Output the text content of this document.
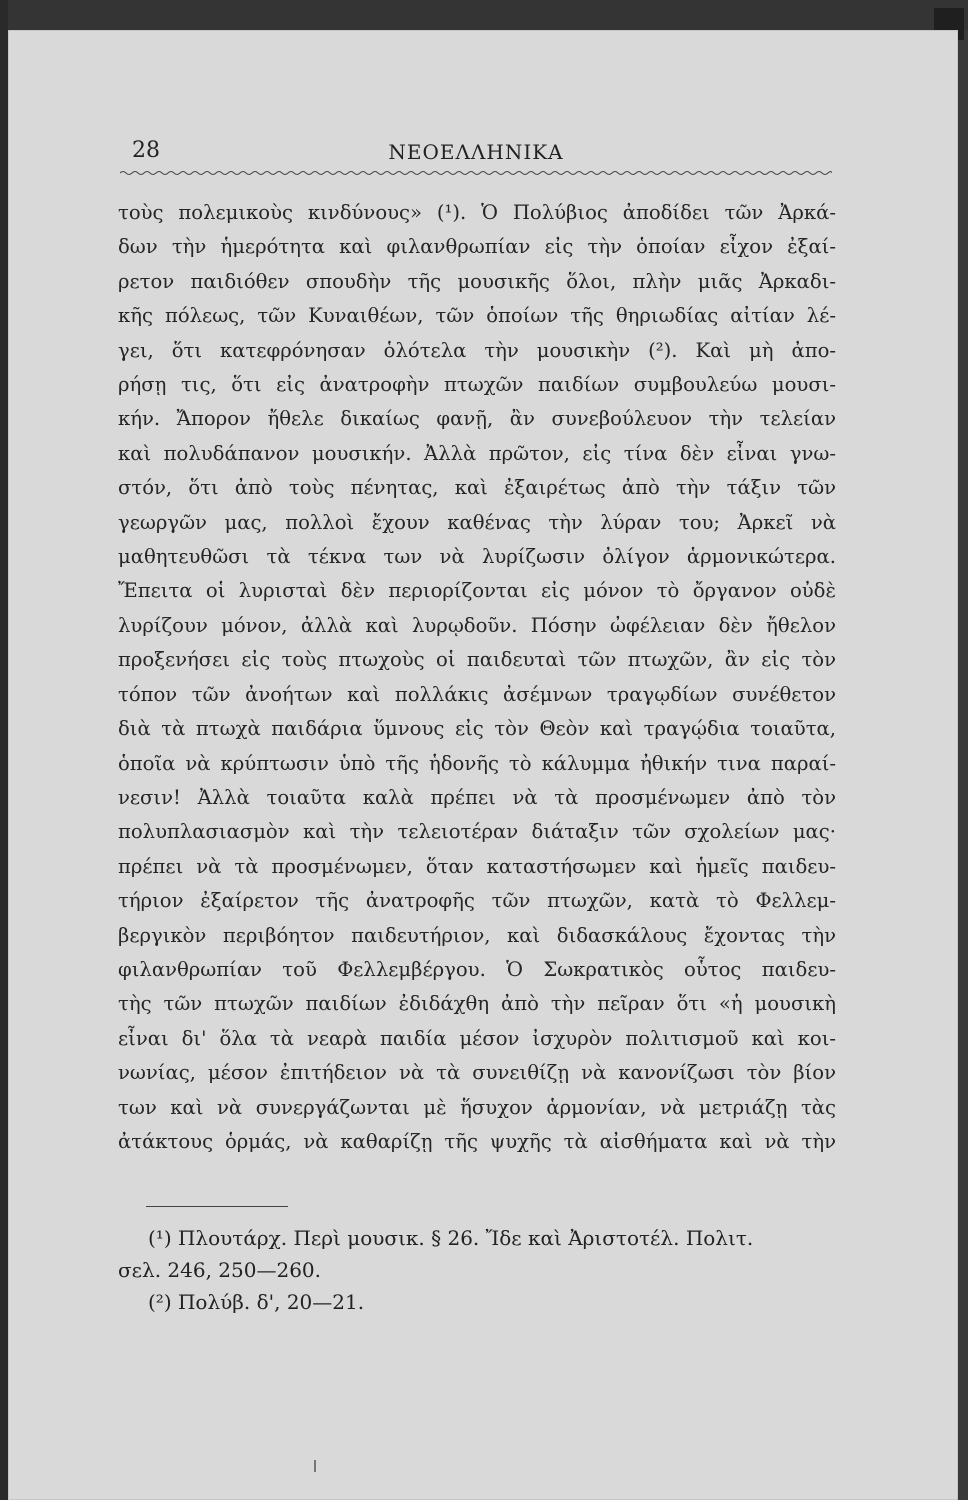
28	ΝΕΟΕΛΛΗΝΙΚΑ

τοὺς πολεμικοὺς κινδύνους» (¹). Ὁ Πολύβιος ἀποδίδει τῶν Ἀρκά-
δων τὴν ἡμερότητα καὶ φιλανθρωπίαν εἰς τὴν ὁποίαν εἶχον ἐξαί-
ρετον παιδιόθεν σπουδὴν τῆς μουσικῆς ὅλοι, πλὴν μιᾶς Ἀρκαδι-
κῆς πόλεως, τῶν Κυναιθέων, τῶν ὁποίων τῆς θηριωδίας αἰτίαν λέ-
γει, ὅτι κατεφρόνησαν ὁλότελα τὴν μουσικὴν (²). Καὶ μὴ ἀπο-
ρήσῃ τις, ὅτι εἰς ἀνατροφὴν πτωχῶν παιδίων συμβουλεύω μουσι-
κήν. Ἄπορον ἤθελε δικαίως φανῇ, ἂν συνεβούλευον τὴν τελείαν
καὶ πολυδάπανον μουσικήν. Ἀλλὰ πρῶτον, εἰς τίνα δὲν εἶναι γνω-
στόν, ὅτι ἀπὸ τοὺς πένητας, καὶ ἐξαιρέτως ἀπὸ τὴν τάξιν τῶν
γεωργῶν μας, πολλοὶ ἔχουν καθένας τὴν λύραν του; Ἀρκεῖ νὰ
μαθητευθῶσι τὰ τέκνα των νὰ λυρίζωσιν ὀλίγον ἁρμονικώτερα.
Ἔπειτα οἱ λυρισταὶ δὲν περιορίζονται εἰς μόνον τὸ ὄργανον οὐδὲ
λυρίζουν μόνον, ἀλλὰ καὶ λυρῳδοῦν. Πόσην ὠφέλειαν δὲν ἤθελον
προξενήσει εἰς τοὺς πτωχοὺς οἱ παιδευταὶ τῶν πτωχῶν, ἂν εἰς τὸν
τόπον τῶν ἀνοήτων καὶ πολλάκις ἀσέμνων τραγῳδίων συνέθετον
διὰ τὰ πτωχὰ παιδάρια ὕμνους εἰς τὸν Θεὸν καὶ τραγῴδια τοιαῦτα,
ὁποῖα νὰ κρύπτωσιν ὑπὸ τῆς ἡδονῆς τὸ κάλυμμα ἠθικήν τινα παραί-
νεσιν! Ἀλλὰ τοιαῦτα καλὰ πρέπει νὰ τὰ προσμένωμεν ἀπὸ τὸν
πολυπλασιασμὸν καὶ τὴν τελειοτέραν διάταξιν τῶν σχολείων μας·
πρέπει νὰ τὰ προσμένωμεν, ὅταν καταστήσωμεν καὶ ἡμεῖς παιδευ-
τήριον ἐξαίρετον τῆς ἀνατροφῆς τῶν πτωχῶν, κατὰ τὸ Φελλεμ-
βεργικὸν περιβόητον παιδευτήριον, καὶ διδασκάλους ἔχοντας τὴν
φιλανθρωπίαν τοῦ Φελλεμβέργου. Ὁ Σωκρατικὸς οὗτος παιδευ-
τὴς τῶν πτωχῶν παιδίων ἐδιδάχθη ἀπὸ τὴν πεῖραν ὅτι «ἡ μουσικὴ
εἶναι δι' ὅλα τὰ νεαρὰ παιδία μέσον ἰσχυρὸν πολιτισμοῦ καὶ κοι-
νωνίας, μέσον ἐπιτήδειον νὰ τὰ συνειθίζῃ νὰ κανονίζωσι τὸν βίον
των καὶ νὰ συνεργάζωνται μὲ ἥσυχον ἁρμονίαν, νὰ μετριάζῃ τὰς
ἀτάκτους ὁρμάς, νὰ καθαρίζῃ τῆς ψυχῆς τὰ αἰσθήματα καὶ νὰ τὴν

(¹) Πλουτάρχ. Περὶ μουσικ. § 26. Ἴδε καὶ Ἀριστοτέλ. Πολιτ.
σελ. 246, 250—260.
(²) Πολύβ. δ', 20—21.
